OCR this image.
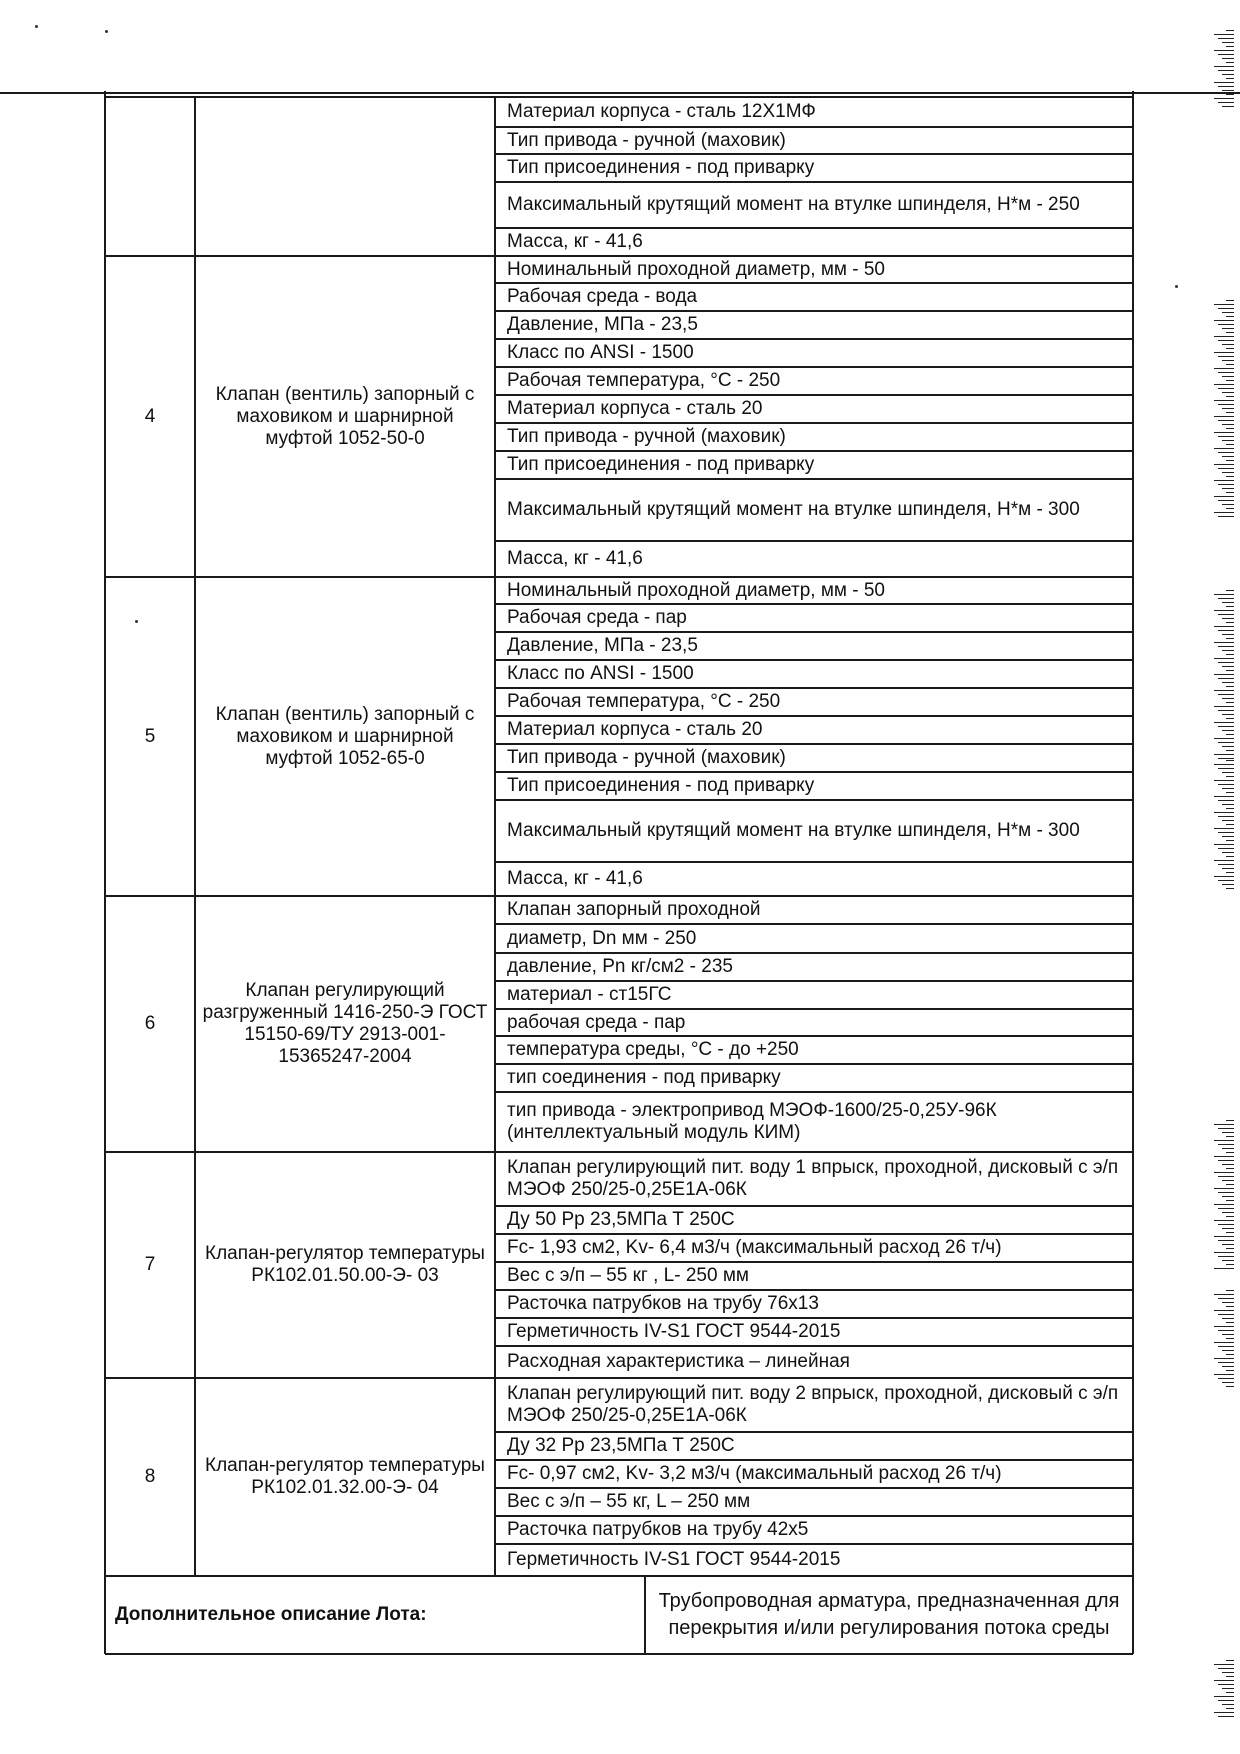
Материал корпуса - сталь 12Х1МФ
Тип привода - ручной (маховик)
Тип присоединения - под приварку
Максимальный крутящий момент на втулке шпинделя, Н*м - 250
Масса, кг - 41,6
4
Клапан (вентиль) запорный с маховиком и шарнирной муфтой 1052-50-0
Номинальный проходной диаметр, мм - 50
Рабочая среда - вода
Давление, МПа - 23,5
Класс по ANSI - 1500
Рабочая температура, °С - 250
Материал корпуса - сталь 20
Тип привода - ручной (маховик)
Тип присоединения - под приварку
Максимальный крутящий момент на втулке шпинделя, Н*м - 300
Масса, кг - 41,6
5
Клапан (вентиль) запорный с маховиком и шарнирной муфтой 1052-65-0
Номинальный проходной диаметр, мм - 50
Рабочая среда - пар
Давление, МПа - 23,5
Класс по ANSI - 1500
Рабочая температура, °С - 250
Материал корпуса - сталь 20
Тип привода - ручной (маховик)
Тип присоединения - под приварку
Максимальный крутящий момент на втулке шпинделя, Н*м - 300
Масса, кг - 41,6
6
Клапан регулирующий разгруженный 1416-250-Э ГОСТ 15150-69/ТУ 2913-001-15365247-2004
Клапан запорный проходной
диаметр, Dn мм - 250
давление, Pn кг/см2 - 235
материал - ст15ГС
рабочая среда - пар
температура среды, °С - до +250
тип соединения - под приварку
тип привода - электропривод МЭОФ-1600/25-0,25У-96К (интеллектуальный модуль КИМ)
7
Клапан-регулятор температуры РК102.01.50.00-Э- 03
Клапан регулирующий пит. воду 1 впрыск, проходной, дисковый с э/п МЭОФ 250/25-0,25Е1А-06К
Ду 50 Рр 23,5МПа Т 250С
Fc- 1,93 см2, Kv- 6,4 м3/ч (максимальный расход 26 т/ч)
Вес с э/п – 55 кг , L- 250 мм
Расточка патрубков на трубу 76х13
Герметичность IV-S1 ГОСТ 9544-2015
Расходная характеристика – линейная
8
Клапан-регулятор температуры РК102.01.32.00-Э- 04
Клапан регулирующий пит. воду 2 впрыск, проходной, дисковый с э/п МЭОФ 250/25-0,25Е1А-06К
Ду 32 Рр 23,5МПа Т 250С
Fc- 0,97 см2, Kv- 3,2 м3/ч (максимальный расход 26 т/ч)
Вес с э/п – 55 кг, L – 250 мм
Расточка патрубков на трубу 42х5
Герметичность IV-S1 ГОСТ 9544-2015
Дополнительное описание Лота:
Трубопроводная арматура, предназначенная для перекрытия и/или регулирования потока среды
